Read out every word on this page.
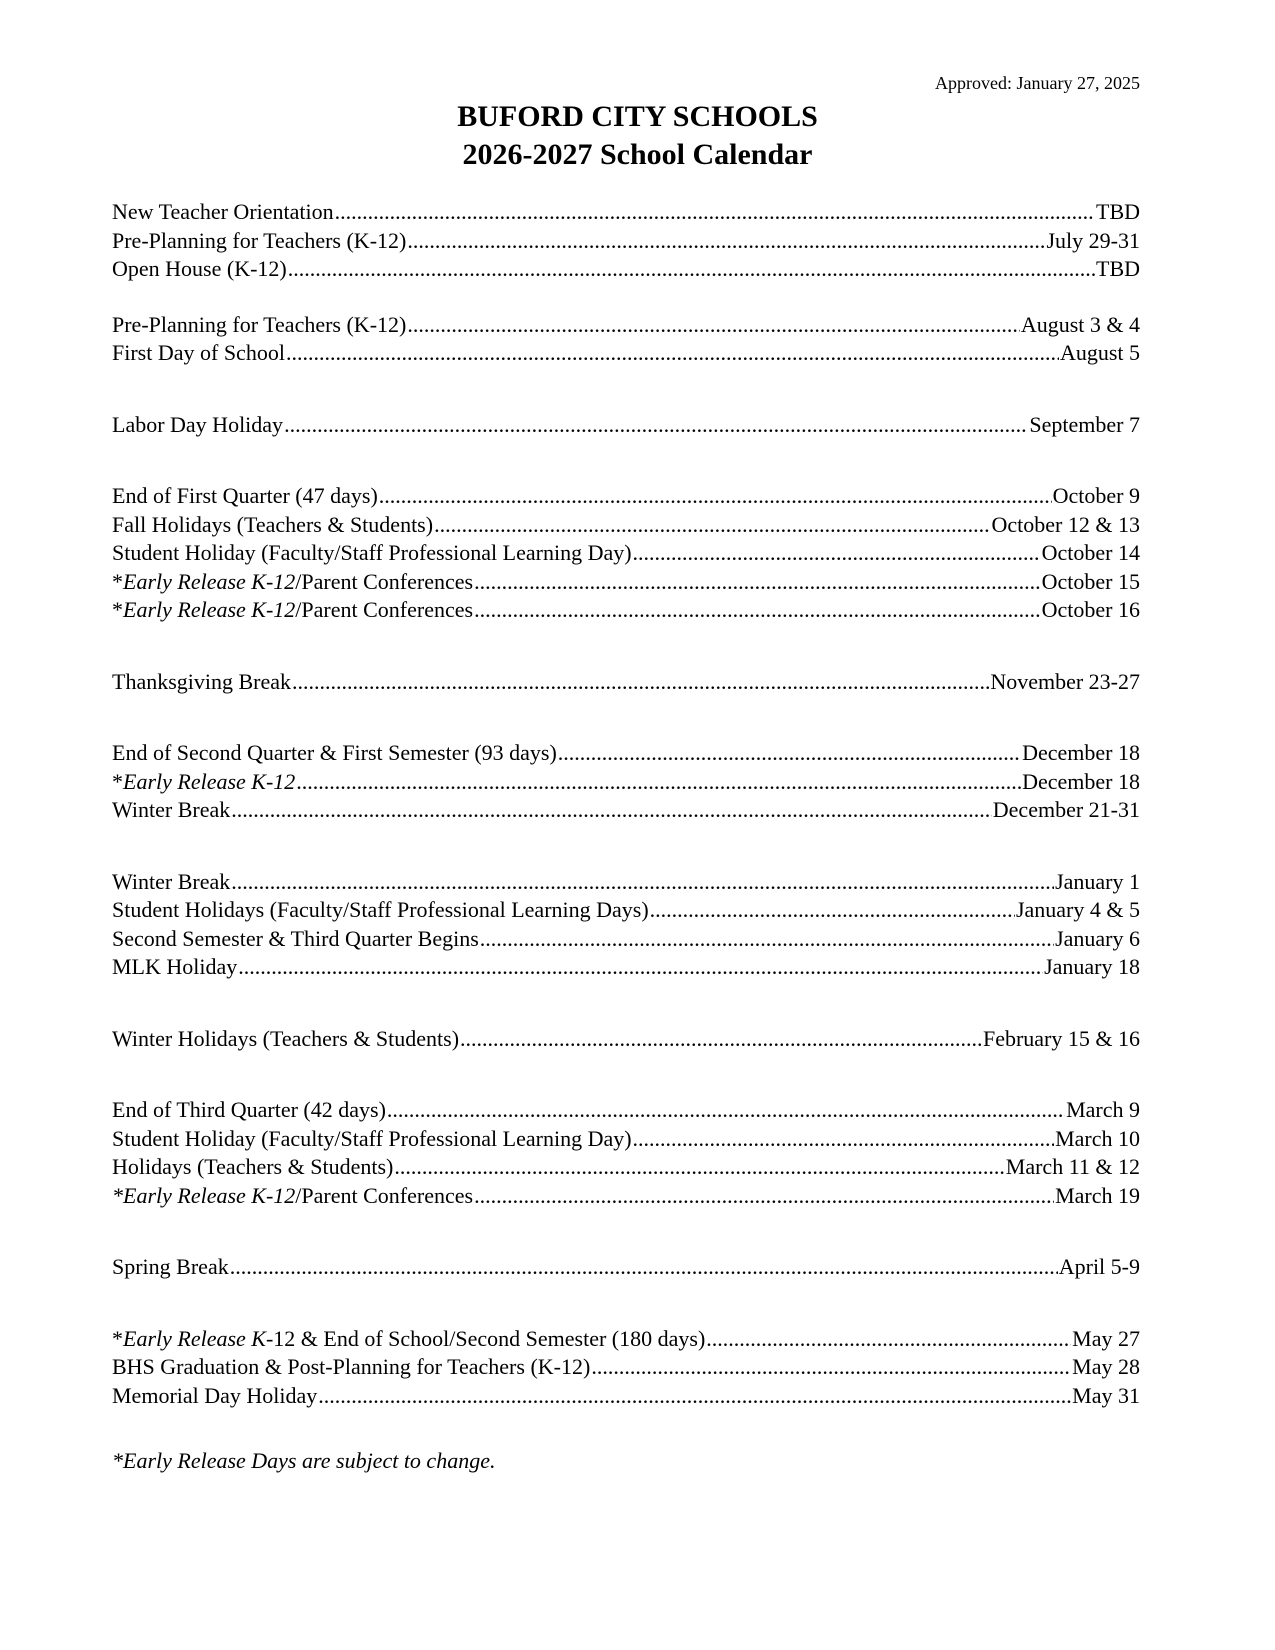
Approved: January 27, 2025
BUFORD CITY SCHOOLS
2026-2027 School Calendar
New Teacher Orientation .....	TBD
Pre-Planning for Teachers (K-12) .....	July 29-31
Open House (K-12) .....	TBD
Pre-Planning for Teachers (K-12) .....	August 3 & 4
First Day of School .....	August 5
Labor Day Holiday .....	September 7
End of First Quarter (47 days) .....	October 9
Fall Holidays (Teachers & Students) .....	October 12 & 13
Student Holiday (Faculty/Staff Professional Learning Day) .....	October 14
*Early Release K-12/Parent Conferences .....	October 15
*Early Release K-12/Parent Conferences .....	October 16
Thanksgiving Break .....	November 23-27
End of Second Quarter & First Semester (93 days) .....	December 18
*Early Release K-12 .....	December 18
Winter Break .....	December 21-31
Winter Break .....	January 1
Student Holidays (Faculty/Staff Professional Learning Days) .....	January 4 & 5
Second Semester & Third Quarter Begins .....	January 6
MLK Holiday .....	January 18
Winter Holidays (Teachers & Students) .....	February 15 & 16
End of Third Quarter (42 days) .....	March 9
Student Holiday (Faculty/Staff Professional Learning Day) .....	March 10
Holidays (Teachers & Students) .....	March 11 & 12
*Early Release K-12/Parent Conferences .....	March 19
Spring Break .....	April 5-9
*Early Release K-12 & End of School/Second Semester (180 days) .....	May 27
BHS Graduation & Post-Planning for Teachers (K-12) .....	May 28
Memorial Day Holiday .....	May 31
*Early Release Days are subject to change.
